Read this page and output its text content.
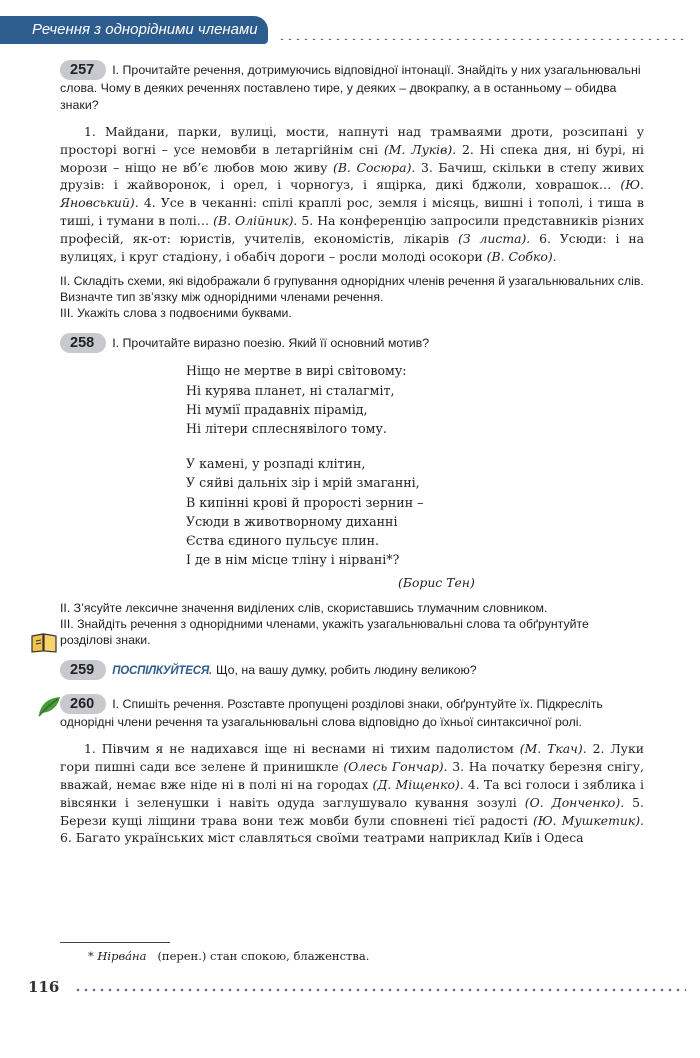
Речення з однорідними членами
257 І. Прочитайте речення, дотримуючись відповідної інтонації. Знайдіть у них узагальнювальні слова. Чому в деяких реченнях поставлено тире, у деяких – двокрапку, а в останньому – обидва знаки?
1. Майдани, парки, вулиці, мости, напнуті над трамваями дроти, розсипані у просторі вогні – усе немовби в летаргійнім сні (М. Луків). 2. Ні спека дня, ні бурі, ні морози – ніщо не вб’є любов мою живу (В. Сосюра). 3. Бачиш, скільки в степу живих друзів: і жайворонок, і орел, і чорногуз, і ящірка, дикі бджоли, ховрашок… (Ю. Яновський). 4. Усе в чеканні: спілі краплі рос, земля і місяць, вишні і тополі, і тиша в тиші, і тумани в полі… (В. Олійник). 5. На конференцію запросили представників різних професій, як-от: юристів, учителів, економістів, лікарів (З листа). 6. Усюди: і на вулицях, і круг стадіону, і обабіч дороги – росли молоді осокори (В. Собко).
ІІ. Складіть схеми, які відображали б групування однорідних членів речення й узагальнювальних слів. Визначте тип зв’язку між однорідними членами речення.
ІІІ. Укажіть слова з подвоєними буквами.
258 І. Прочитайте виразно поезію. Який її основний мотив?
Ніщо не мертве в вирі світовому:
Ні курява планет, ні сталагміт,
Ні мумії прадавніх пірамід,
Ні літери сплеснявілого тому.
У камені, у розпаді клітин,
У сяйві дальніх зір і мрій змаганні,
В кипінні крові й прорості зернин –
Усюди в животворному диханні
Єства єдиного пульсує плин.
І де в нім місце тліну і нірвані*?
(Борис Тен)
ІІ. З’ясуйте лексичне значення виділених слів, скориставшись тлумачним словником.
ІІІ. Знайдіть речення з однорідними членами, укажіть узагальнювальні слова та обґрунтуйте розділові знаки.
259 ПОСПІЛКУЙТЕСЯ. Що, на вашу думку, робить людину великою?
260 І. Спишіть речення. Розставте пропущені розділові знаки, обґрунтуйте їх. Підкресліть однорідні члени речення та узагальнювальні слова відповідно до їхньої синтаксичної ролі.
1. Півчим я не надихався іще ні веснами ні тихим падолистом (М. Ткач). 2. Луки гори пишні сади все зелене й принишкле (Олесь Гончар). 3. На початку березня снігу, вважай, немає вже ніде ні в полі ні на городах (Д. Міщенко). 4. Та всі голоси і зяблика і вівсянки і зеленушки і навіть одуда заглушувало кування зозулі (О. Донченко). 5. Берези кущі ліщини трава вони теж мовби були сповнені тієї радості (Ю. Мушкетик). 6. Багато українських міст славляться своїми театрами наприклад Київ і Одеса
* Нірва́на (перен.) стан спокою, блаженства.
116
